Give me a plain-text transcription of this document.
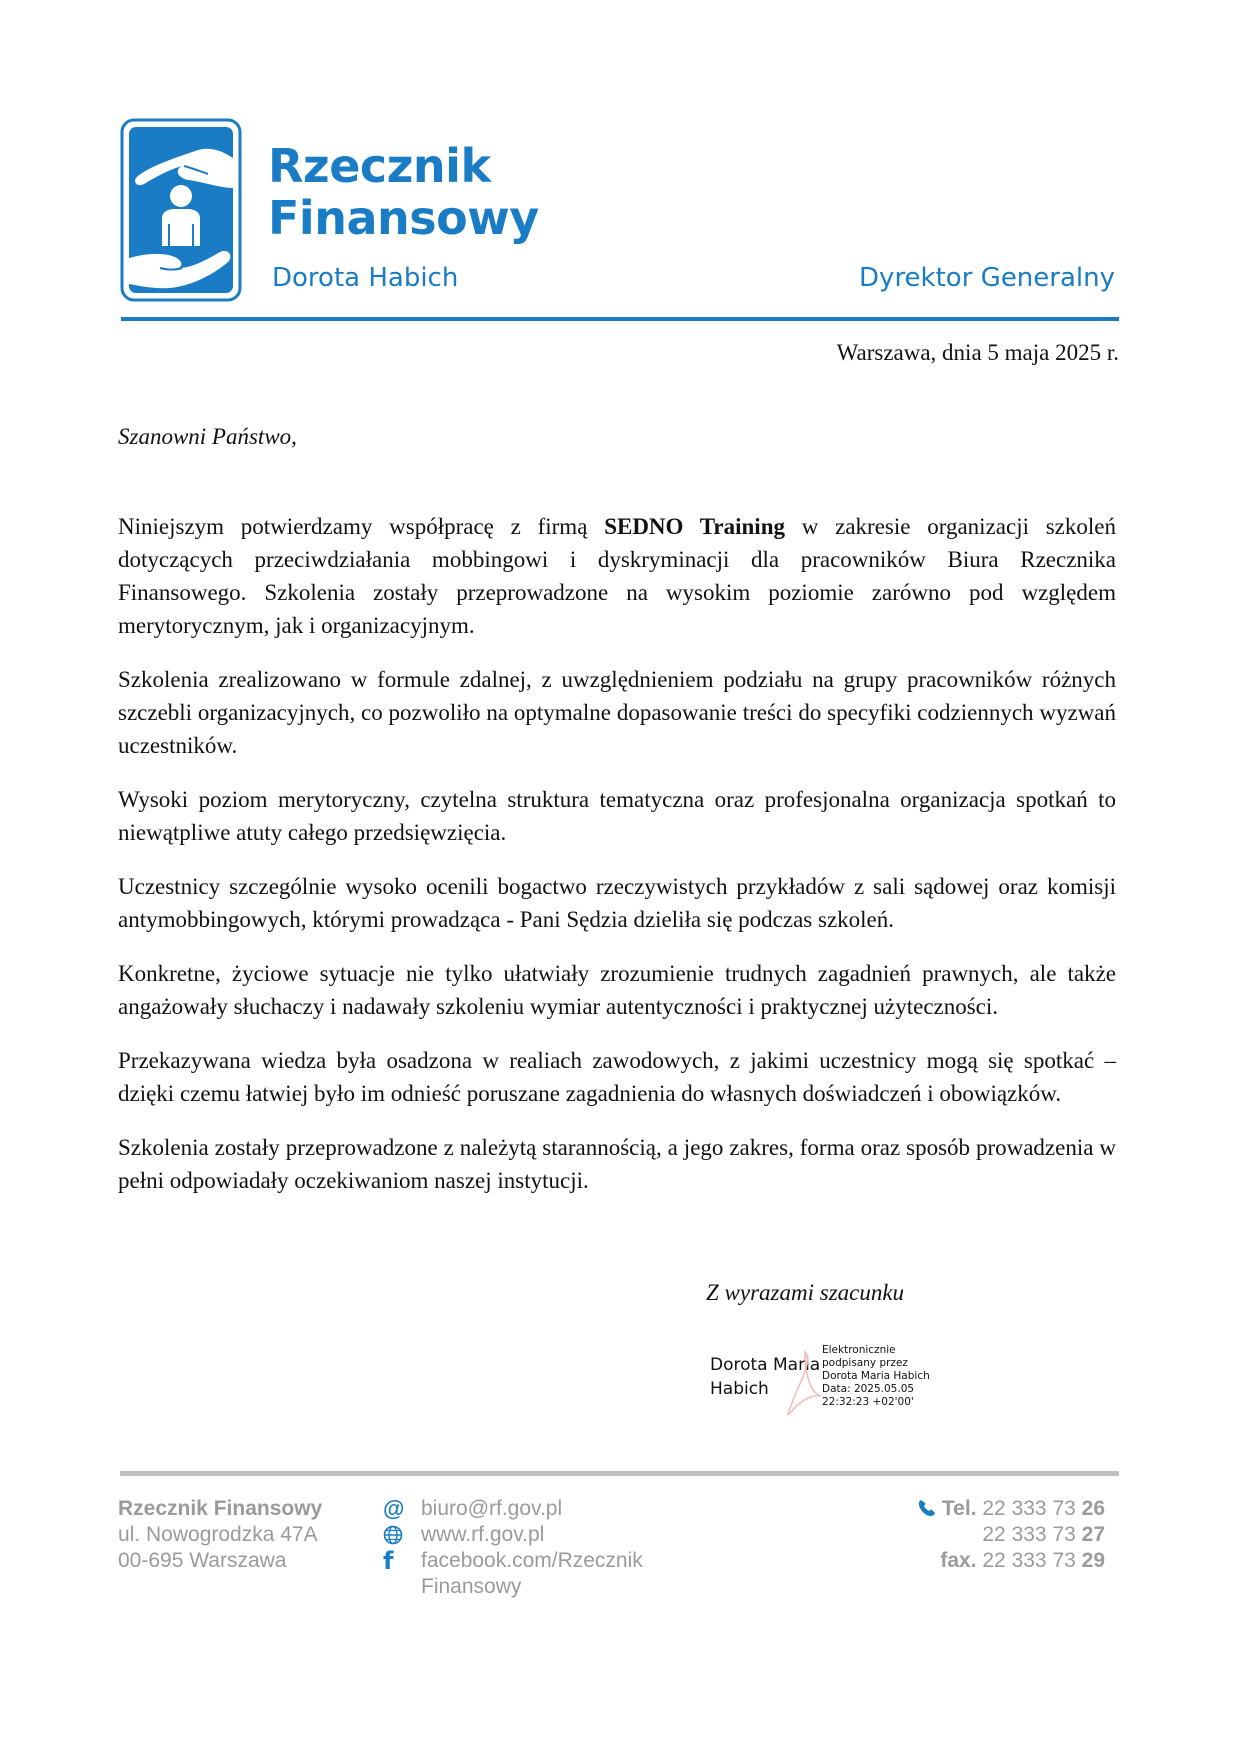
Rzecznik
Finansowy
Dorota Habich	Dyrektor Generalny
Warszawa, dnia 5 maja 2025 r.
Szanowni Państwo,

Niniejszym potwierdzamy współpracę z firmą SEDNO Training w zakresie organizacji szkoleń dotyczących przeciwdziałania mobbingowi i dyskryminacji dla pracowników Biura Rzecznika Finansowego. Szkolenia zostały przeprowadzone na wysokim poziomie zarówno pod względem merytorycznym, jak i organizacyjnym.

Szkolenia zrealizowano w formule zdalnej, z uwzględnieniem podziału na grupy pracowników różnych szczebli organizacyjnych, co pozwoliło na optymalne dopasowanie treści do specyfiki codziennych wyzwań uczestników.

Wysoki poziom merytoryczny, czytelna struktura tematyczna oraz profesjonalna organizacja spotkań to niewątpliwe atuty całego przedsięwzięcia.

Uczestnicy szczególnie wysoko ocenili bogactwo rzeczywistych przykładów z sali sądowej oraz komisji antymobbingowych, którymi prowadząca - Pani Sędzia dzieliła się podczas szkoleń.

Konkretne, życiowe sytuacje nie tylko ułatwiały zrozumienie trudnych zagadnień prawnych, ale także angażowały słuchaczy i nadawały szkoleniu wymiar autentyczności i praktycznej użyteczności.

Przekazywana wiedza była osadzona w realiach zawodowych, z jakimi uczestnicy mogą się spotkać – dzięki czemu łatwiej było im odnieść poruszane zagadnienia do własnych doświadczeń i obowiązków.

Szkolenia zostały przeprowadzone z należytą starannością, a jego zakres, forma oraz sposób prowadzenia w pełni odpowiadały oczekiwaniom naszej instytucji.

Z wyrazami szacunku
Dorota Maria
Habich
Elektronicznie
podpisany przez
Dorota Maria Habich
Data: 2025.05.05
22:32:23 +02'00'
Rzecznik Finansowy
ul. Nowogrodzka 47A
00-695 Warszawa
@ biuro@rf.gov.pl
www.rf.gov.pl
f	facebook.com/Rzecznik
Finansowy
Tel. 22 333 73 26
22 333 73 27
fax. 22 333 73 29
